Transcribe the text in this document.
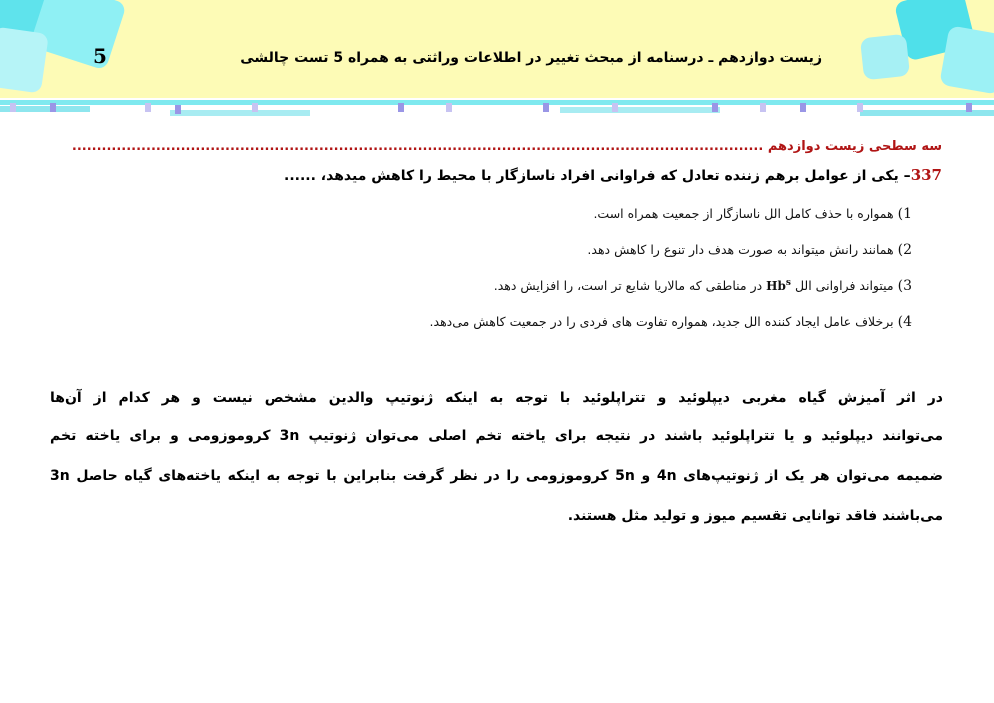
5	زیست دوازدهم ـ درسنامه از مبحث تغییر در اطلاعات وراثتی به همراه 5 تست چالشی
سه سطحی زیست دوازدهم ............................................................................................................................................
337– یکی از عوامل برهم زننده تعادل که فراوانی افراد ناسازگار با محیط را کاهش میدهد، ......
1) همواره با حذف کامل الل ناسازگار از جمعیت همراه است.
2) همانند رانش میتواند به صورت هدف دار تنوع را کاهش دهد.
3) میتواند فراوانی الل Hb$^s$ در مناطقی که مالاریا شایع تر است، را افزایش دهد.
4) برخلاف عامل ایجاد کننده الل جدید، همواره تفاوت های فردی را در جمعیت کاهش می‌دهد.
در اثر آمیزش گیاه مغربی دیپلوئید و تتراپلوئید با توجه به اینکه ژنوتیپ والدین مشخص نیست و هر کدام از آن‌ها
می‌توانند دیپلوئید و یا تتراپلوئید باشند در نتیجه برای یاخته تخم اصلی می‌توان ژنوتیپ 3n کروموزومی و برای یاخته تخم
ضمیمه می‌توان هر یک از ژنوتیپ‌های 4n و 5n کروموزومی را در نظر گرفت بنابراین با توجه به اینکه یاخته‌های گیاه حاصل 3n
می‌باشند فاقد توانایی تقسیم میوز و تولید مثل هستند.
